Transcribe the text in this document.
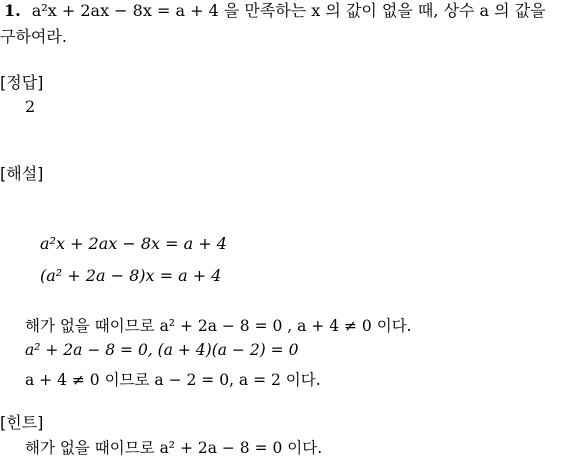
1. a²x + 2ax − 8x = a + 4 을 만족하는 x 의 값이 없을 때, 상수 a 의 값을
구하여라.
[정답]
2
[해설]
a²x + 2ax − 8x = a + 4
(a² + 2a − 8)x = a + 4
해가 없을 때이므로 a² + 2a − 8 = 0 , a + 4 ≠ 0 이다.
a² + 2a − 8 = 0, (a + 4)(a − 2) = 0
a + 4 ≠ 0 이므로 a − 2 = 0, a = 2 이다.
[힌트]
해가 없을 때이므로 a² + 2a − 8 = 0 이다.
